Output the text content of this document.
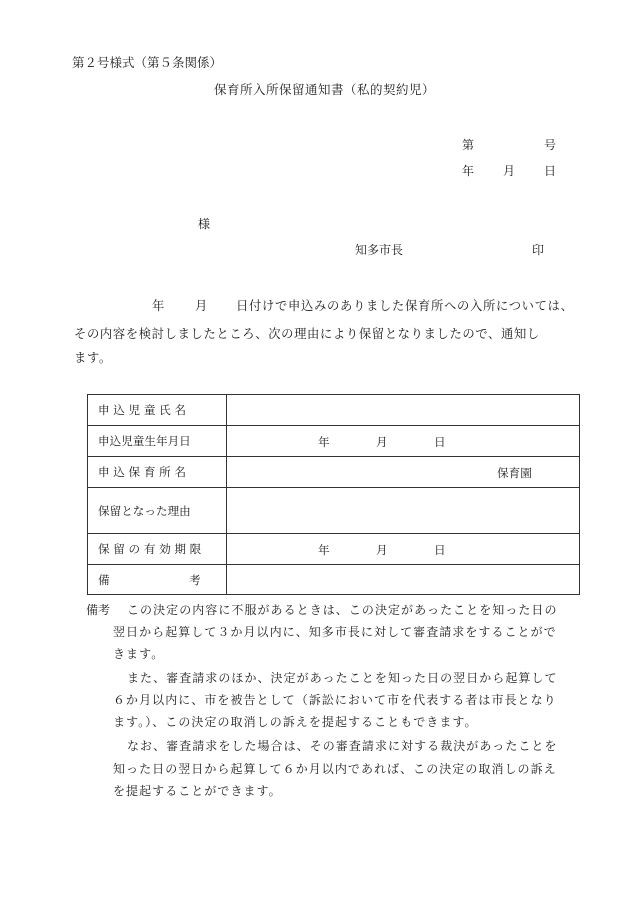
第２号様式（第５条関係）
保育所入所保留通知書（私的契約児）
第	号
年 月 日
様
知多市長	印
年 月 日付けで申込みのありました保育所への入所については、
その内容を検討しましたところ、次の理由により保留となりましたので、通知し
ます。
申 込 児 童 氏 名	
申込児童生年月日	年 月 日

申 込 保 育 所 名	保育園

保留となった理由	
保 留 の 有 効 期 限	年 月 日

備 考	

備考 この決定の内容に不服があるときは、この決定があったことを知った日の
翌日から起算して３か月以内に、知多市長に対して審査請求をすることがで
きます。
また、審査請求のほか、決定があったことを知った日の翌日から起算して
６か月以内に、市を被告として（訴訟において市を代表する者は市長となり
ます。）、この決定の取消しの訴えを提起することもできます。
なお、審査請求をした場合は、その審査請求に対する裁決があったことを
知った日の翌日から起算して６か月以内であれば、この決定の取消しの訴え
を提起することができます。
